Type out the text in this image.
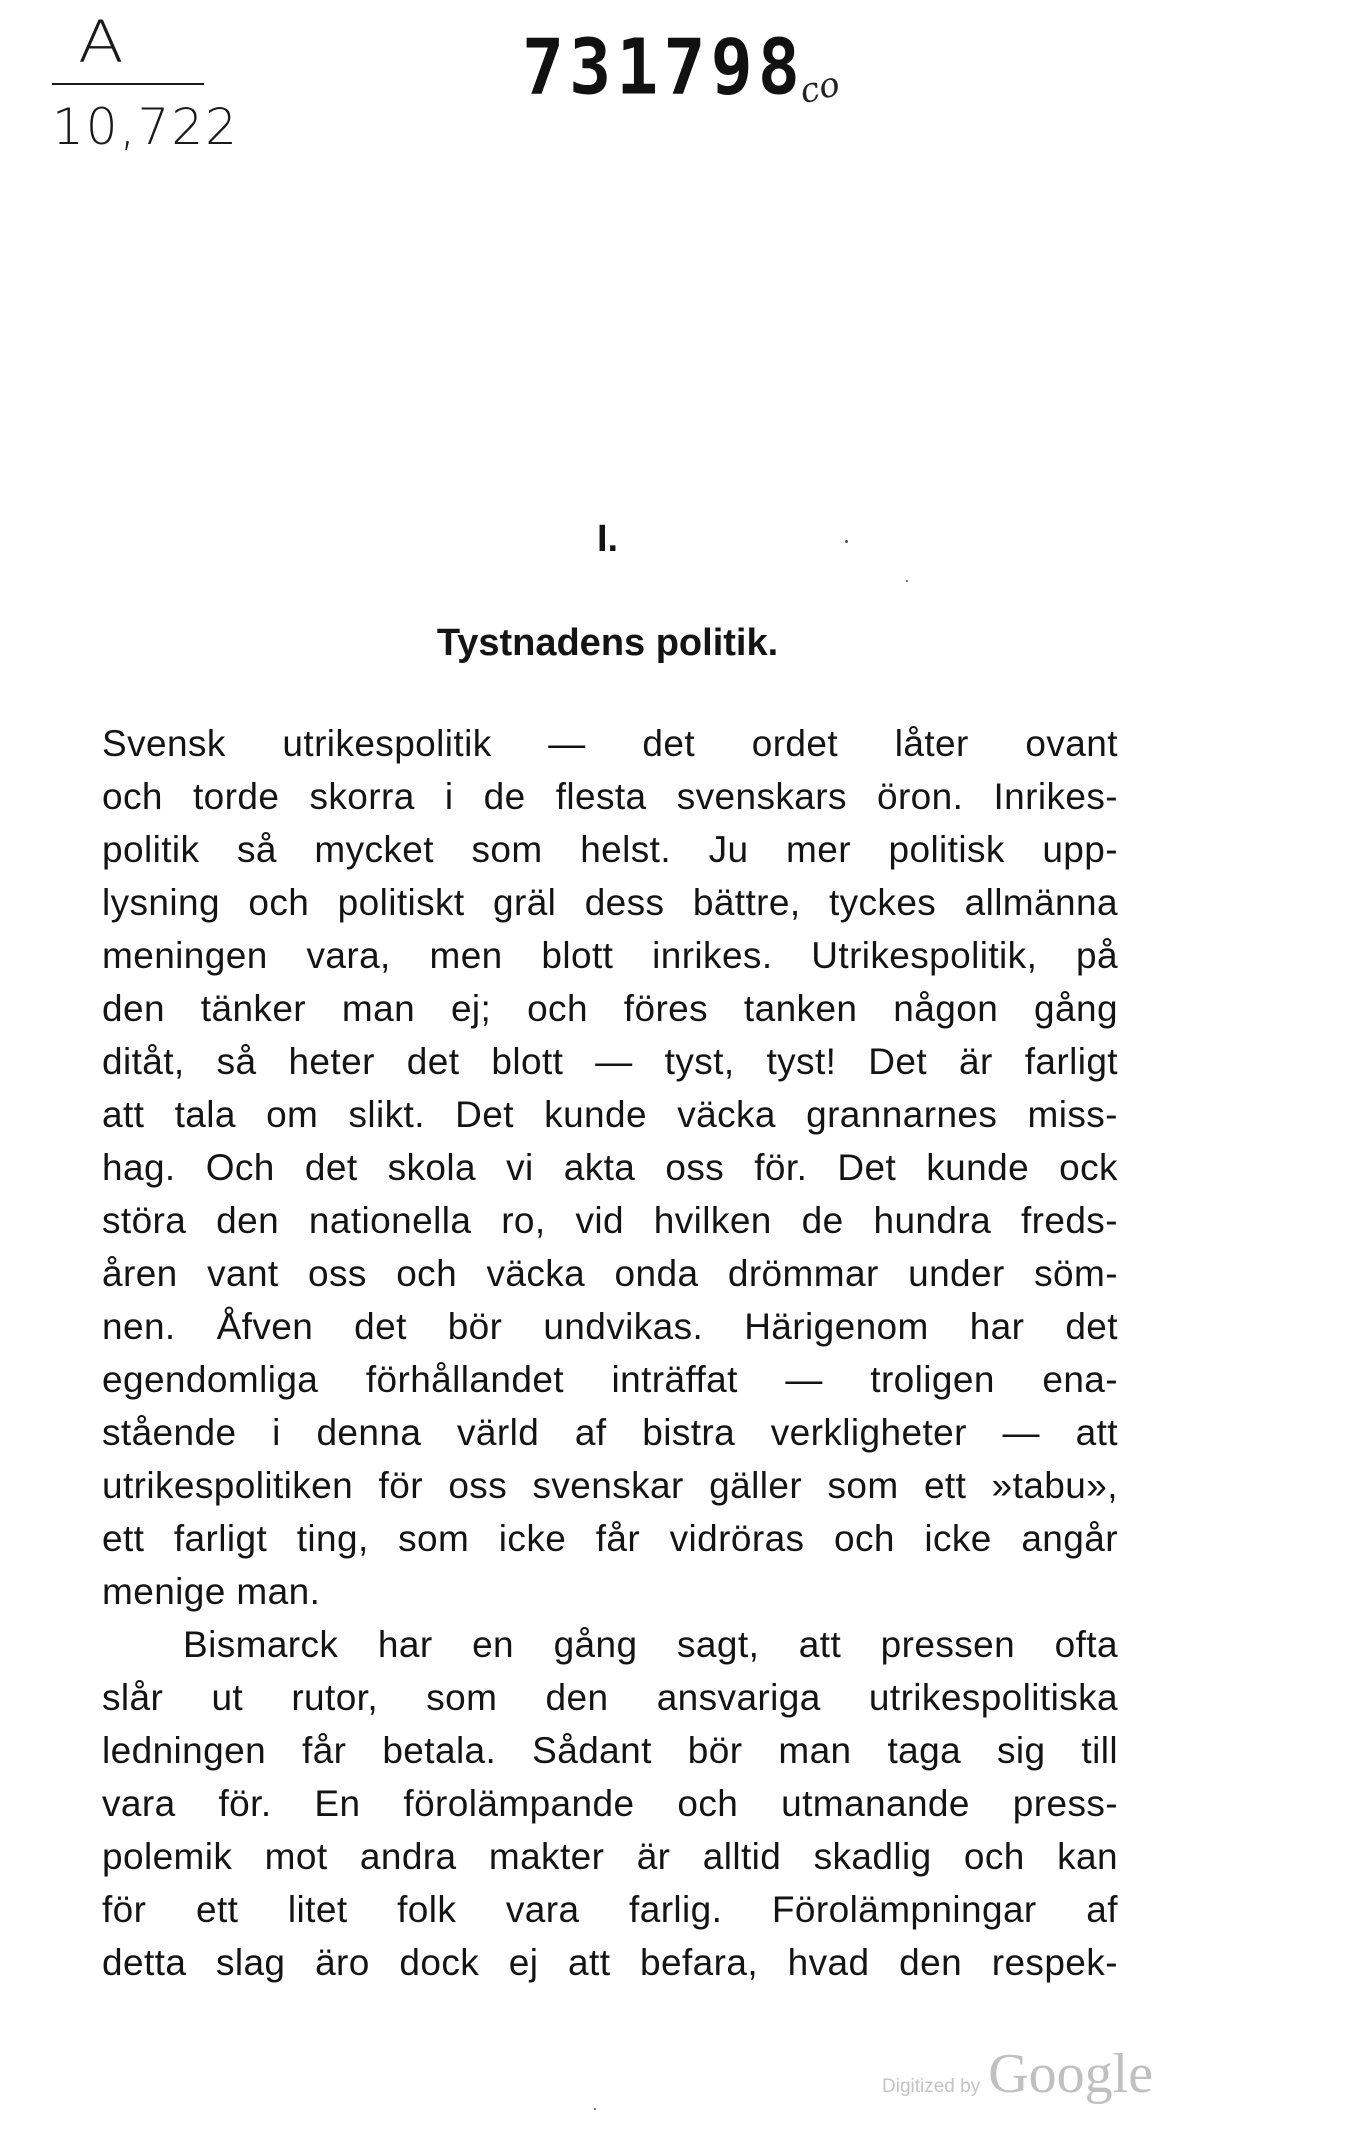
A
10,722
731798
co
I.
Tystnadens politik.
Svensk utrikespolitik — det ordet låter ovant
och torde skorra i de flesta svenskars öron. Inrikes-
politik så mycket som helst. Ju mer politisk upp-
lysning och politiskt gräl dess bättre, tyckes allmänna
meningen vara, men blott inrikes. Utrikespolitik, på
den tänker man ej; och föres tanken någon gång
ditåt, så heter det blott — tyst, tyst! Det är farligt
att tala om slikt. Det kunde väcka grannarnes miss-
hag. Och det skola vi akta oss för. Det kunde ock
störa den nationella ro, vid hvilken de hundra freds-
åren vant oss och väcka onda drömmar under söm-
nen. Åfven det bör undvikas. Härigenom har det
egendomliga förhållandet inträffat — troligen ena-
stående i denna värld af bistra verkligheter — att
utrikespolitiken för oss svenskar gäller som ett »tabu»,
ett farligt ting, som icke får vidröras och icke angår
menige man.
Bismarck har en gång sagt, att pressen ofta
slår ut rutor, som den ansvariga utrikespolitiska
ledningen får betala. Sådant bör man taga sig till
vara för. En förolämpande och utmanande press-
polemik mot andra makter är alltid skadlig och kan
för ett litet folk vara farlig. Förolämpningar af
detta slag äro dock ej att befara, hvad den respek-
Digitized by Google
